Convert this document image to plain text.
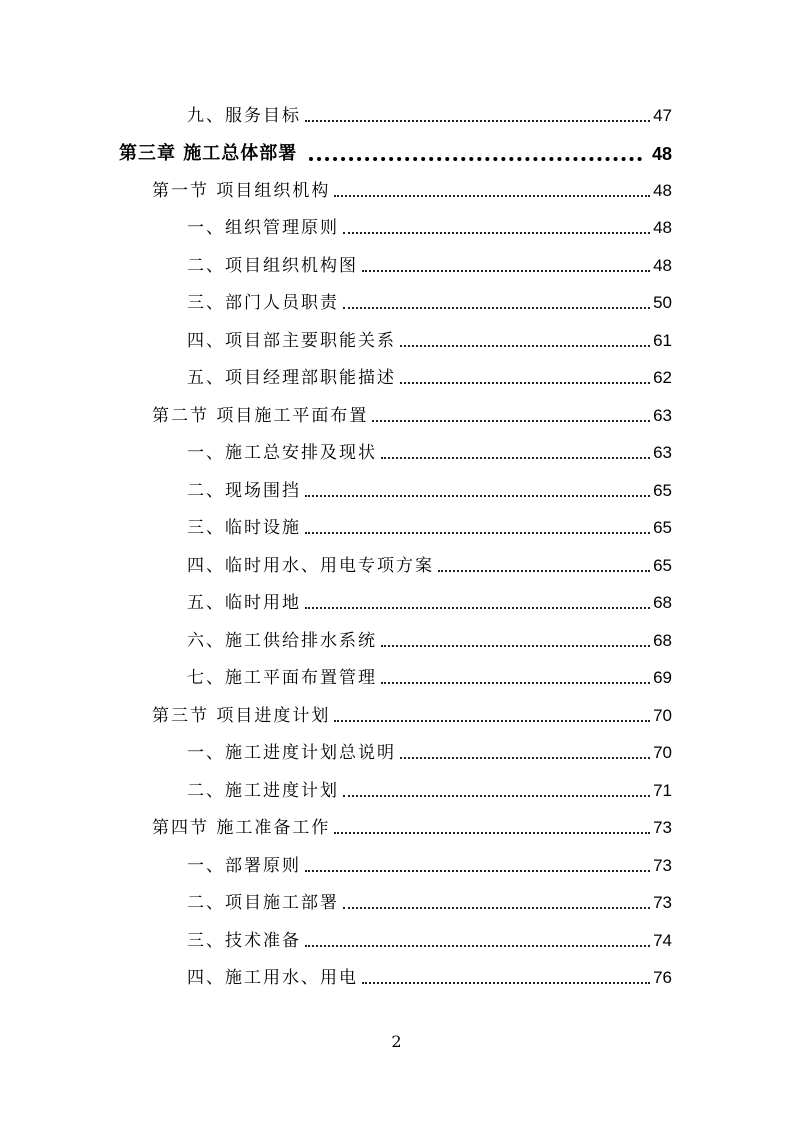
九、服务目标	47
第三章 施工总体部署	48
第一节 项目组织机构	48
一、组织管理原则	48
二、项目组织机构图	48
三、部门人员职责	50
四、项目部主要职能关系	61
五、项目经理部职能描述	62
第二节 项目施工平面布置	63
一、施工总安排及现状	63
二、现场围挡	65
三、临时设施	65
四、临时用水、用电专项方案	65
五、临时用地	68
六、施工供给排水系统	68
七、施工平面布置管理	69
第三节 项目进度计划	70
一、施工进度计划总说明	70
二、施工进度计划	71
第四节 施工准备工作	73
一、部署原则	73
二、项目施工部署	73
三、技术准备	74
四、施工用水、用电	76
2
